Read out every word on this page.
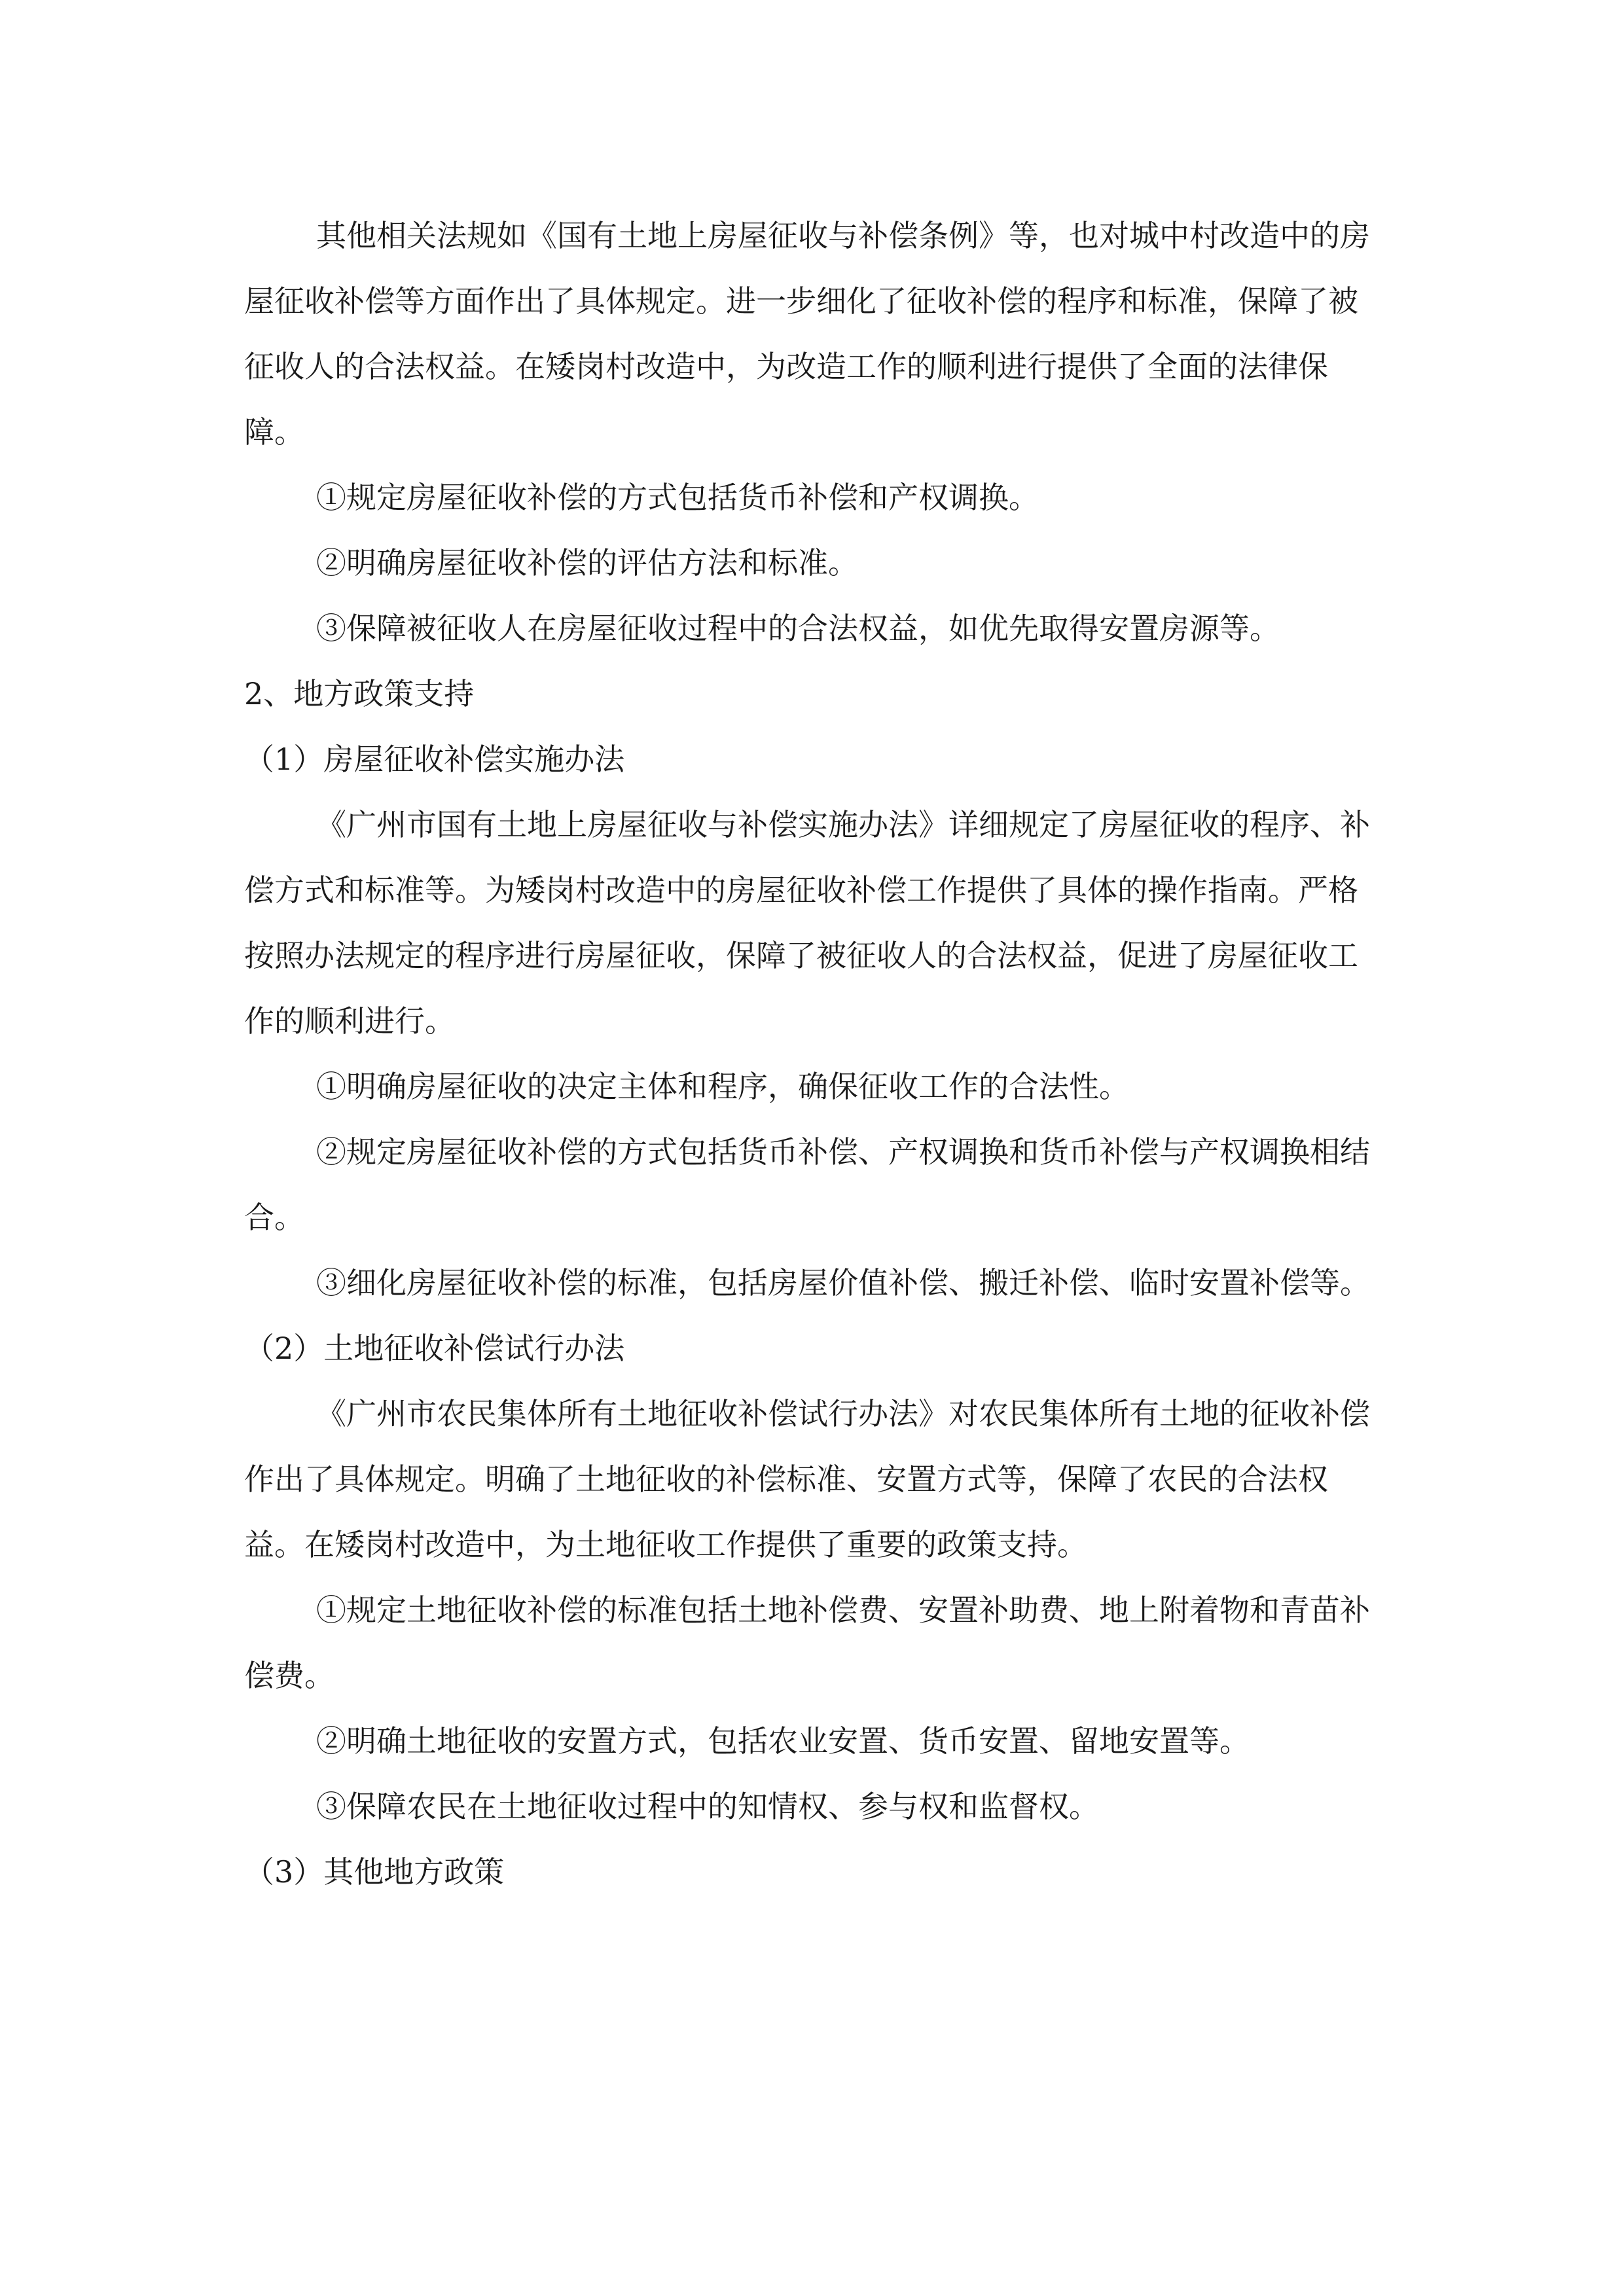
其他相关法规如《国有土地上房屋征收与补偿条例》等，也对城中村改造中的房屋征收补偿等方面作出了具体规定。进一步细化了征收补偿的程序和标准，保障了被征收人的合法权益。在矮岗村改造中，为改造工作的顺利进行提供了全面的法律保障。

①规定房屋征收补偿的方式包括货币补偿和产权调换。

②明确房屋征收补偿的评估方法和标准。

③保障被征收人在房屋征收过程中的合法权益，如优先取得安置房源等。

2、地方政策支持

（1）房屋征收补偿实施办法

《广州市国有土地上房屋征收与补偿实施办法》详细规定了房屋征收的程序、补偿方式和标准等。为矮岗村改造中的房屋征收补偿工作提供了具体的操作指南。严格按照办法规定的程序进行房屋征收，保障了被征收人的合法权益，促进了房屋征收工作的顺利进行。

①明确房屋征收的决定主体和程序，确保征收工作的合法性。

②规定房屋征收补偿的方式包括货币补偿、产权调换和货币补偿与产权调换相结合。

③细化房屋征收补偿的标准，包括房屋价值补偿、搬迁补偿、临时安置补偿等。

（2）土地征收补偿试行办法

《广州市农民集体所有土地征收补偿试行办法》对农民集体所有土地的征收补偿作出了具体规定。明确了土地征收的补偿标准、安置方式等，保障了农民的合法权益。在矮岗村改造中，为土地征收工作提供了重要的政策支持。

①规定土地征收补偿的标准包括土地补偿费、安置补助费、地上附着物和青苗补偿费。

②明确土地征收的安置方式，包括农业安置、货币安置、留地安置等。

③保障农民在土地征收过程中的知情权、参与权和监督权。

（3）其他地方政策
